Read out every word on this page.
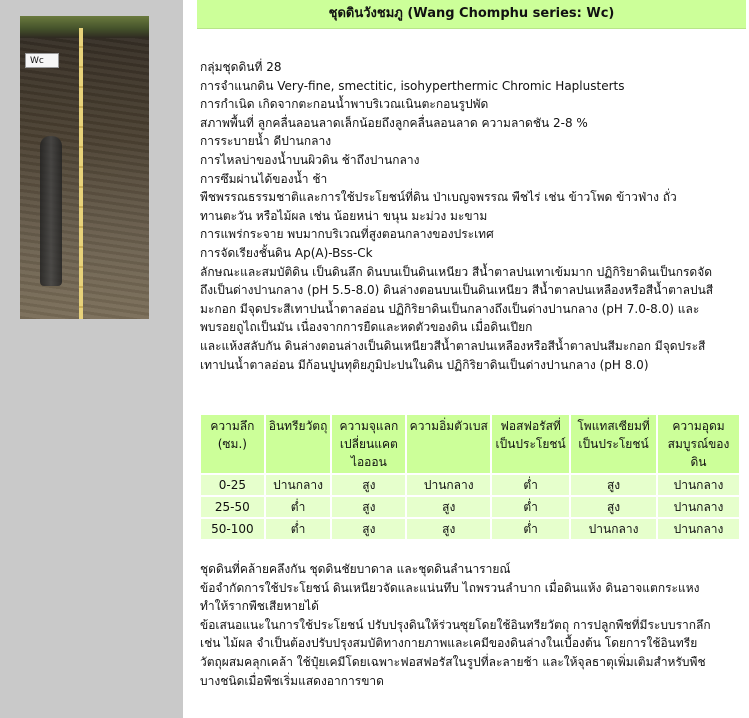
Wc
ชุดดินวังชมภู (Wang Chomphu series: Wc)

กลุ่มชุดดินที่ 28

การจำแนกดิน Very-fine, smectitic, isohyperthermic Chromic Haplusterts

การกำเนิด เกิดจากตะกอนน้ำพาบริเวณเนินตะกอนรูปพัด

สภาพพื้นที่ ลูกคลื่นลอนลาดเล็กน้อยถึงลูกคลื่นลอนลาด ความลาดชัน 2-8 %

การระบายน้ำ ดีปานกลาง

การไหลบ่าของน้ำบนผิวดิน ช้าถึงปานกลาง

การซึมผ่านได้ของน้ำ ช้า

พืชพรรณธรรมชาติและการใช้ประโยชน์ที่ดิน ป่าเบญจพรรณ พืชไร่ เช่น ข้าวโพด ข้าวฟ่าง ถั่ว

ทานตะวัน หรือไม้ผล เช่น น้อยหน่า ขนุน มะม่วง มะขาม

การแพร่กระจาย พบมากบริเวณที่สูงตอนกลางของประเทศ

การจัดเรียงชั้นดิน Ap(A)-Bss-Ck

ลักษณะและสมบัติดิน เป็นดินลึก ดินบนเป็นดินเหนียว สีน้ำตาลปนเทาเข้มมาก ปฏิกิริยาดินเป็นกรดจัด

ถึงเป็นด่างปานกลาง (pH 5.5-8.0) ดินล่างตอนบนเป็นดินเหนียว สีน้ำตาลปนเหลืองหรือสีน้ำตาลปนสี

มะกอก มีจุดประสีเทาปนน้ำตาลอ่อน ปฏิกิริยาดินเป็นกลางถึงเป็นด่างปานกลาง (pH 7.0-8.0) และ

พบรอยถูไถเป็นมัน เนื่องจากการยืดและหดตัวของดิน เมื่อดินเปียก

และแห้งสลับกัน ดินล่างตอนล่างเป็นดินเหนียวสีน้ำตาลปนเหลืองหรือสีน้ำตาลปนสีมะกอก มีจุดประสี

เทาปนน้ำตาลอ่อน มีก้อนปูนทุติยภูมิปะปนในดิน ปฏิกิริยาดินเป็นด่างปานกลาง (pH 8.0)

ความลึก (ซม.)	อินทรียวัตถุ	ความจุแลกเปลี่ยนแคตไอออน	ความอิ่มตัวเบส	ฟอสฟอรัสที่เป็นประโยชน์	โพแทสเซียมที่เป็นประโยชน์	ความอุดมสมบูรณ์ของดิน
0-25	ปานกลาง	สูง	ปานกลาง	ต่ำ	สูง	ปานกลาง
25-50	ต่ำ	สูง	สูง	ต่ำ	สูง	ปานกลาง
50-100	ต่ำ	สูง	สูง	ต่ำ	ปานกลาง	ปานกลาง

ชุดดินที่คล้ายคลึงกัน ชุดดินชัยบาดาล และชุดดินลำนารายณ์

ข้อจำกัดการใช้ประโยชน์ ดินเหนียวจัดและแน่นทึบ ไถพรวนลำบาก เมื่อดินแห้ง ดินอาจแตกระแหง

ทำให้รากพืชเสียหายได้

ข้อเสนอแนะในการใช้ประโยชน์ ปรับปรุงดินให้ร่วนซุยโดยใช้อินทรียวัตถุ การปลูกพืชที่มีระบบรากลึก

เช่น ไม้ผล จำเป็นต้องปรับปรุงสมบัติทางกายภาพและเคมีของดินล่างในเบื้องต้น โดยการใช้อินทรีย

วัตถุผสมคลุกเคล้า ใช้ปุ๋ยเคมีโดยเฉพาะฟอสฟอรัสในรูปที่ละลายช้า และให้จุลธาตุเพิ่มเติมสำหรับพืช

บางชนิดเมื่อพืชเริ่มแสดงอาการขาด
